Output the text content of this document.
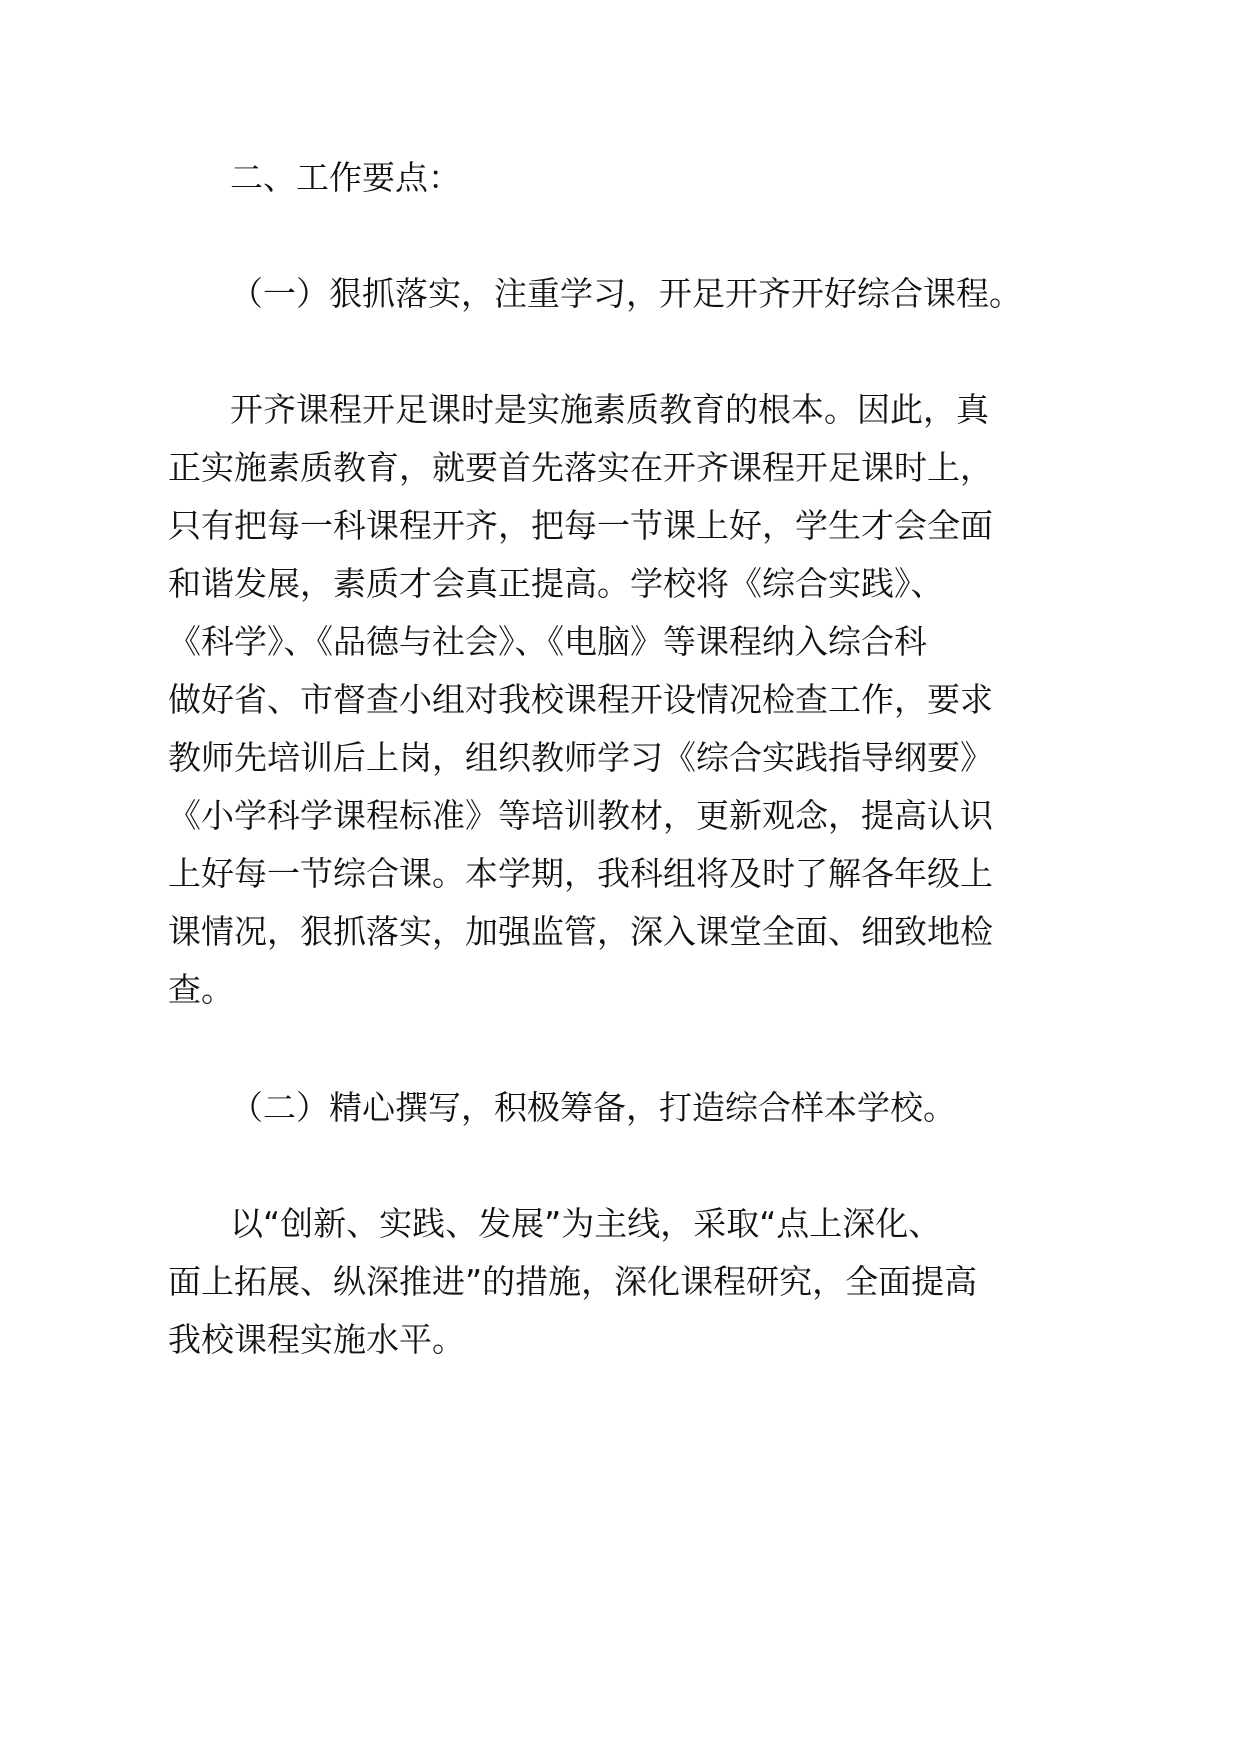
二、工作要点：

（一）狠抓落实，注重学习，开足开齐开好综合课程。

开齐课程开足课时是实施素质教育的根本。因此，真

正实施素质教育，就要首先落实在开齐课程开足课时上，

只有把每一科课程开齐，把每一节课上好，学生才会全面

和谐发展，素质才会真正提高。学校将《综合实践》、

《科学》、《品德与社会》、《电脑》等课程纳入综合科

做好省、市督查小组对我校课程开设情况检查工作，要求

教师先培训后上岗，组织教师学习《综合实践指导纲要》

《小学科学课程标准》等培训教材，更新观念，提高认识

上好每一节综合课。本学期，我科组将及时了解各年级上

课情况，狠抓落实，加强监管，深入课堂全面、细致地检

查。

（二）精心撰写，积极筹备，打造综合样本学校。

以“创新、实践、发展”为主线，采取“点上深化、

面上拓展、纵深推进”的措施，深化课程研究，全面提高

我校课程实施水平。
